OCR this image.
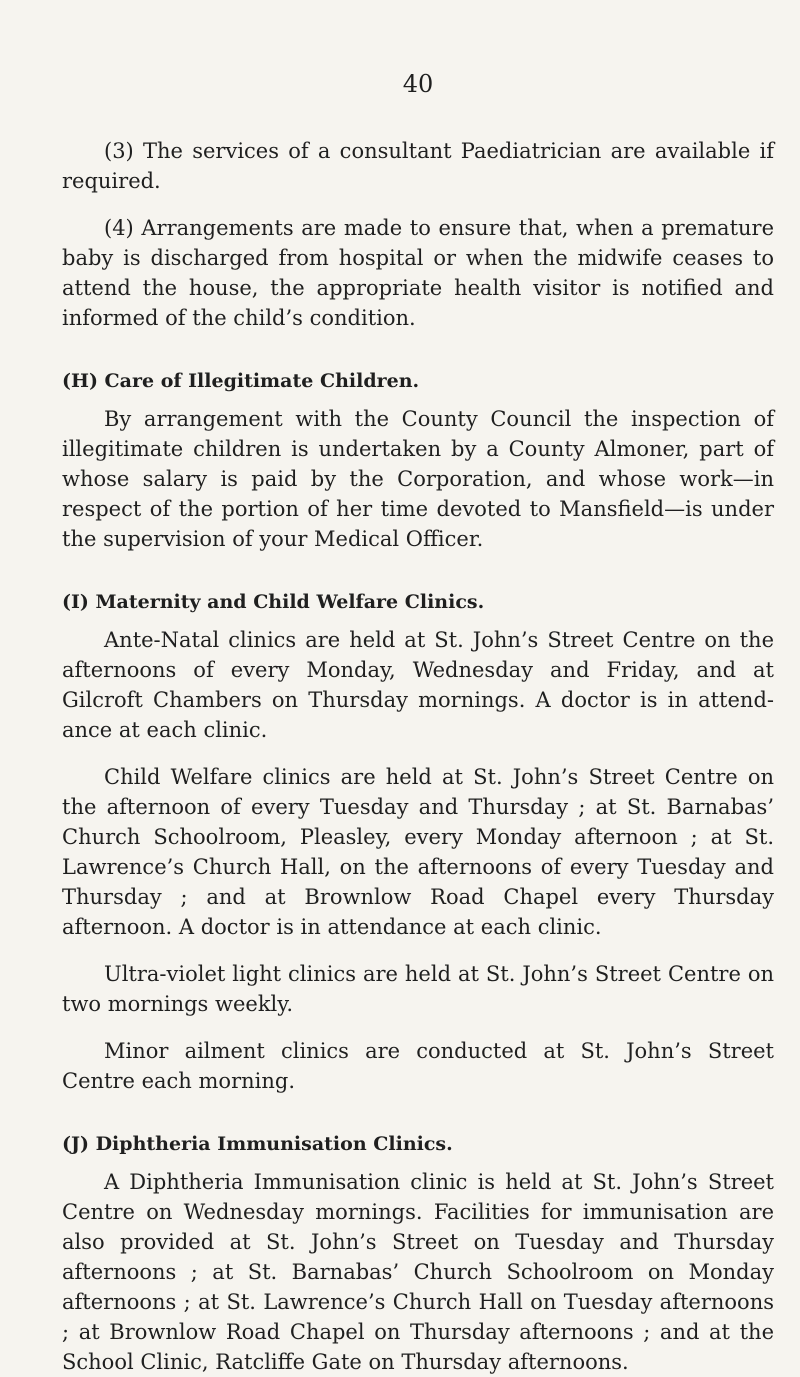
40

(3) The services of a consultant Paediatrician are available if required.

(4) Arrangements are made to ensure that, when a premature baby is discharged from hospital or when the midwife ceases to attend the house, the appropriate health visitor is notified and informed of the child’s condition.

(H) Care of Illegitimate Children.

By arrangement with the County Council the inspection of illegitimate children is undertaken by a County Almoner, part of whose salary is paid by the Corporation, and whose work—in respect of the portion of her time devoted to Mansfield—is under the supervision of your Medical Officer.

(I) Maternity and Child Welfare Clinics.

Ante-Natal clinics are held at St. John’s Street Centre on the afternoons of every Monday, Wednesday and Friday, and at Gilcroft Chambers on Thursday mornings. A doctor is in attendance at each clinic.

Child Welfare clinics are held at St. John’s Street Centre on the afternoon of every Tuesday and Thursday ; at St. Barnabas’ Church Schoolroom, Pleasley, every Monday afternoon ; at St. Lawrence’s Church Hall, on the afternoons of every Tuesday and Thursday ; and at Brownlow Road Chapel every Thursday afternoon. A doctor is in attendance at each clinic.

Ultra-violet light clinics are held at St. John’s Street Centre on two mornings weekly.

Minor ailment clinics are conducted at St. John’s Street Centre each morning.

(J) Diphtheria Immunisation Clinics.

A Diphtheria Immunisation clinic is held at St. John’s Street Centre on Wednesday mornings. Facilities for immunisation are also provided at St. John’s Street on Tuesday and Thursday afternoons ; at St. Barnabas’ Church Schoolroom on Monday afternoons ; at St. Lawrence’s Church Hall on Tuesday afternoons ; at Brownlow Road Chapel on Thursday afternoons ; and at the School Clinic, Ratcliffe Gate on Thursday afternoons.
